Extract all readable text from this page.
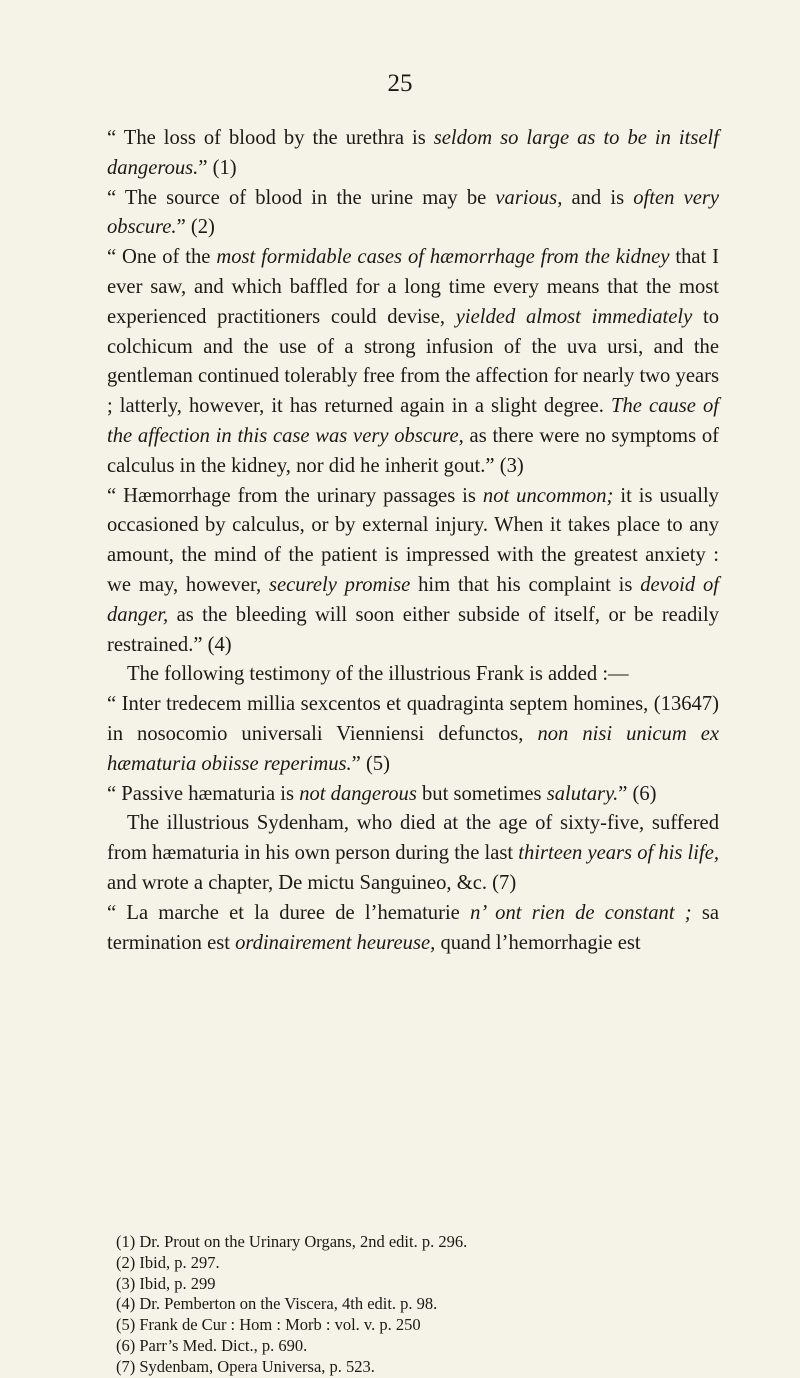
25

“ The loss of blood by the urethra is seldom so large as to be in itself dangerous.” (1)

“ The source of blood in the urine may be various, and is often very obscure.” (2)

“ One of the most formidable cases of hæmorrhage from the kidney that I ever saw, and which baffled for a long time every means that the most experienced practitioners could devise, yielded almost immediately to colchicum and the use of a strong infusion of the uva ursi, and the gentleman continued tolerably free from the affection for nearly two years ; latterly, however, it has returned again in a slight degree. The cause of the affection in this case was very obscure, as there were no symptoms of calculus in the kidney, nor did he inherit gout.” (3)

“ Hæmorrhage from the urinary passages is not uncommon; it is usually occasioned by calculus, or by external injury. When it takes place to any amount, the mind of the patient is impressed with the greatest anxiety : we may, however, securely promise him that his complaint is devoid of danger, as the bleeding will soon either subside of itself, or be readily restrained.” (4)

The following testimony of the illustrious Frank is added :—

“ Inter tredecem millia sexcentos et quadraginta septem homines, (13647) in nosocomio universali Vienniensi defunctos, non nisi unicum ex hæmaturia obiisse reperimus.” (5)

“ Passive hæmaturia is not dangerous but sometimes salutary.” (6)

The illustrious Sydenham, who died at the age of sixty-five, suffered from hæmaturia in his own person during the last thirteen years of his life, and wrote a chapter, De mictu Sanguineo, &c. (7)

“ La marche et la duree de l’hematurie n’ ont rien de constant ; sa termination est ordinairement heureuse, quand l’hemorrhagie est

(1) Dr. Prout on the Urinary Organs, 2nd edit. p. 296.
(2) Ibid, p. 297.
(3) Ibid, p. 299
(4) Dr. Pemberton on the Viscera, 4th edit. p. 98.
(5) Frank de Cur : Hom : Morb : vol. v. p. 250
(6) Parr’s Med. Dict., p. 690.
(7) Sydenbam, Opera Universa, p. 523.
